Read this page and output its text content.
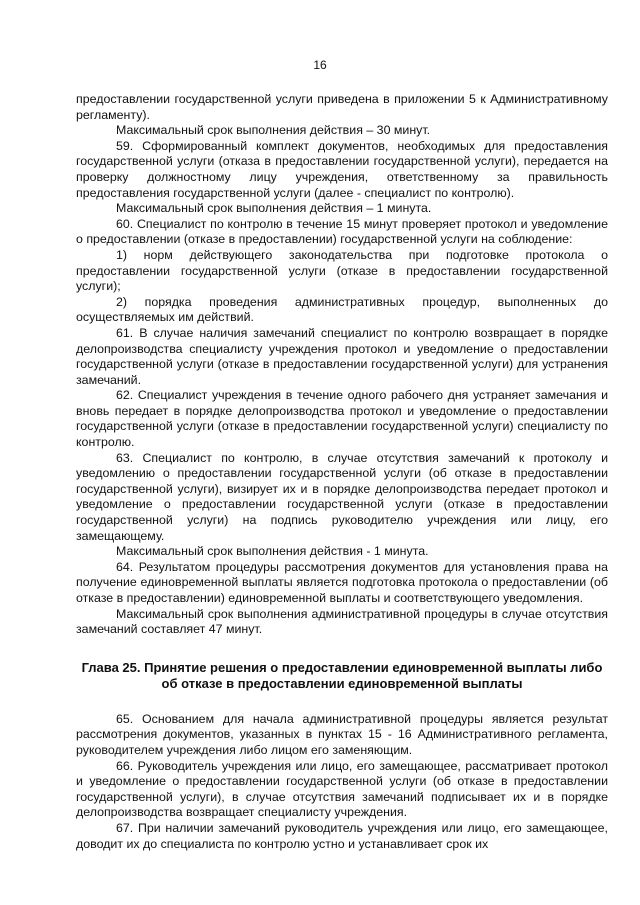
16

предоставлении государственной услуги приведена в приложении 5 к Административному регламенту).

Максимальный срок выполнения действия – 30 минут.

59. Сформированный комплект документов, необходимых для предоставления государственной услуги (отказа в предоставлении государственной услуги), передается на проверку должностному лицу учреждения, ответственному за правильность предоставления государственной услуги (далее - специалист по контролю).

Максимальный срок выполнения действия – 1 минута.

60. Специалист по контролю в течение 15 минут проверяет протокол и уведомление о предоставлении (отказе в предоставлении) государственной услуги на соблюдение:

1) норм действующего законодательства при подготовке протокола о предоставлении государственной услуги (отказе в предоставлении государственной услуги);

2) порядка проведения административных процедур, выполненных до осуществляемых им действий.

61. В случае наличия замечаний специалист по контролю возвращает в порядке делопроизводства специалисту учреждения протокол и уведомление о предоставлении государственной услуги (отказе в предоставлении государственной услуги) для устранения замечаний.

62. Специалист учреждения в течение одного рабочего дня устраняет замечания и вновь передает в порядке делопроизводства протокол и уведомление о предоставлении государственной услуги (отказе в предоставлении государственной услуги) специалисту по контролю.

63. Специалист по контролю, в случае отсутствия замечаний к протоколу и уведомлению о предоставлении государственной услуги (об отказе в предоставлении государственной услуги), визирует их и в порядке делопроизводства передает протокол и уведомление о предоставлении государственной услуги (отказе в предоставлении государственной услуги) на подпись руководителю учреждения или лицу, его замещающему.

Максимальный срок выполнения действия - 1 минута.

64. Результатом процедуры рассмотрения документов для установления права на получение единовременной выплаты является подготовка протокола о предоставлении (об отказе в предоставлении) единовременной выплаты и соответствующего уведомления.

Максимальный срок выполнения административной процедуры в случае отсутствия замечаний составляет 47 минут.

Глава 25. Принятие решения о предоставлении единовременной выплаты либо
об отказе в предоставлении единовременной выплаты

65. Основанием для начала административной процедуры является результат рассмотрения документов, указанных в пунктах 15 - 16 Административного регламента, руководителем учреждения либо лицом его заменяющим.

66. Руководитель учреждения или лицо, его замещающее, рассматривает протокол и уведомление о предоставлении государственной услуги (об отказе в предоставлении государственной услуги), в случае отсутствия замечаний подписывает их и в порядке делопроизводства возвращает специалисту учреждения.

67. При наличии замечаний руководитель учреждения или лицо, его замещающее, доводит их до специалиста по контролю устно и устанавливает срок их
